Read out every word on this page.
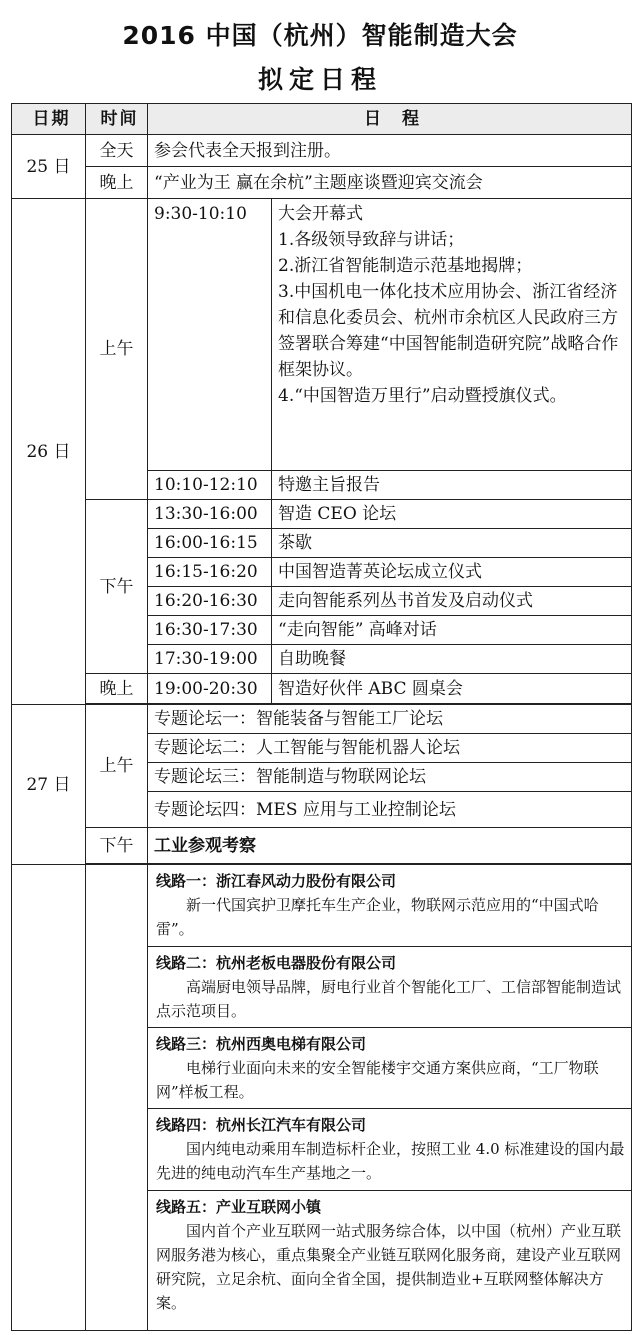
2016 中国（杭州）智能制造大会
拟定日程
日期	时间	日　程	
25 日	全天	参会代表全天报到注册。	
	晚上	“产业为王 赢在余杭”主题座谈暨迎宾交流会	
26 日	上午	9:30-10:10	大会开幕式
1.各级领导致辞与讲话；
2.浙江省智能制造示范基地揭牌；
3.中国机电一体化技术应用协会、浙江省经济和信息化委员会、杭州市余杭区人民政府三方签署联合筹建“中国智能制造研究院”战略合作框架协议。
4.“中国智造万里行”启动暨授旗仪式。

		10:10-12:10	特邀主旨报告
	下午	13:30-16:00	智造 CEO 论坛
		16:00-16:15	茶歇
		16:15-16:20	中国智造菁英论坛成立仪式
		16:20-16:30	走向智能系列丛书首发及启动仪式
		16:30-17:30	“走向智能” 高峰对话
		17:30-19:00	自助晚餐
	晚上	19:00-20:30	智造好伙伴 ABC 圆桌会

27 日	上午	专题论坛一：智能装备与智能工厂论坛	
		专题论坛二：人工智能与智能机器人论坛	
		专题论坛三：智能制造与物联网论坛	
		专题论坛四：MES 应用与工业控制论坛	
	下午	工业参观考察	

		线路一：浙江春风动力股份有限公司
新一代国宾护卫摩托车生产企业，物联网示范应用的“中国式哈雷”。	

		线路二：杭州老板电器股份有限公司
高端厨电领导品牌，厨电行业首个智能化工厂、工信部智能制造试点示范项目。	

		线路三：杭州西奥电梯有限公司
电梯行业面向未来的安全智能楼宇交通方案供应商，“工厂物联网”样板工程。	

		线路四：杭州长江汽车有限公司
国内纯电动乘用车制造标杆企业，按照工业 4.0 标准建设的国内最先进的纯电动汽车生产基地之一。	

		线路五：产业互联网小镇
国内首个产业互联网一站式服务综合体，以中国（杭州）产业互联网服务港为核心，重点集聚全产业链互联网化服务商，建设产业互联网研究院，立足余杭、面向全省全国，提供制造业+互联网整体解决方案。	
